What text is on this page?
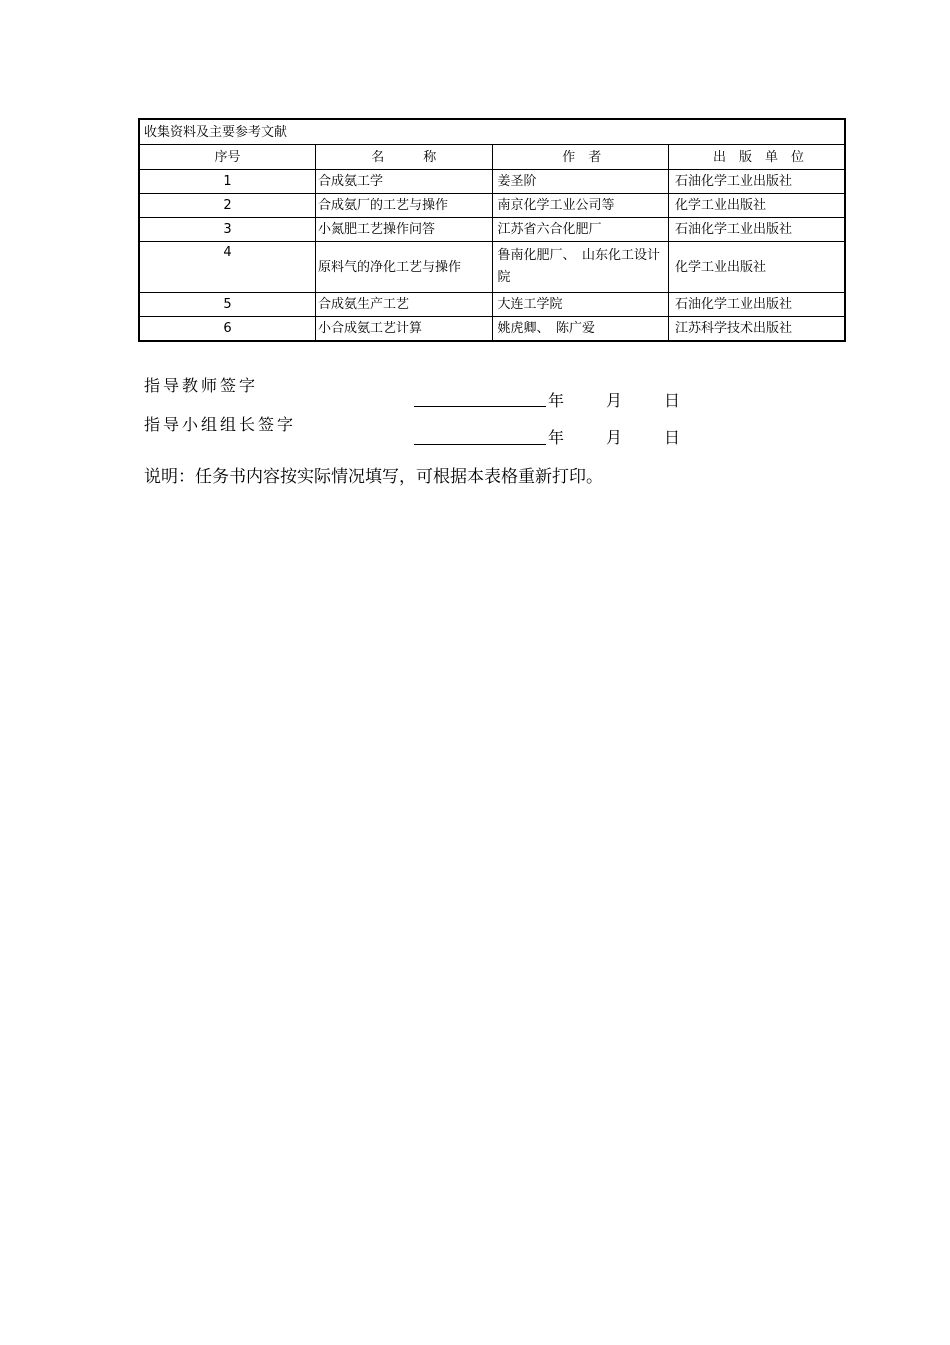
收集资料及主要参考文献			
序号	名　　　称	作　者	出　版　单　位
1	合成氨工学	姜圣阶	石油化学工业出版社
2	合成氨厂的工艺与操作	南京化学工业公司等	化学工业出版社
3	小氮肥工艺操作问答	江苏省六合化肥厂	石油化学工业出版社
4	原料气的净化工艺与操作	鲁南化肥厂、　山东化工设计院	化学工业出版社
5	合成氨生产工艺	大连工学院	石油化学工业出版社
6	小合成氨工艺计算	姚虎卿、　陈广爱	江苏科学技术出版社
指导教师签字
年	月	日
指导小组组长签字
年	月	日
说明：任务书内容按实际情况填写，可根据本表格重新打印。
